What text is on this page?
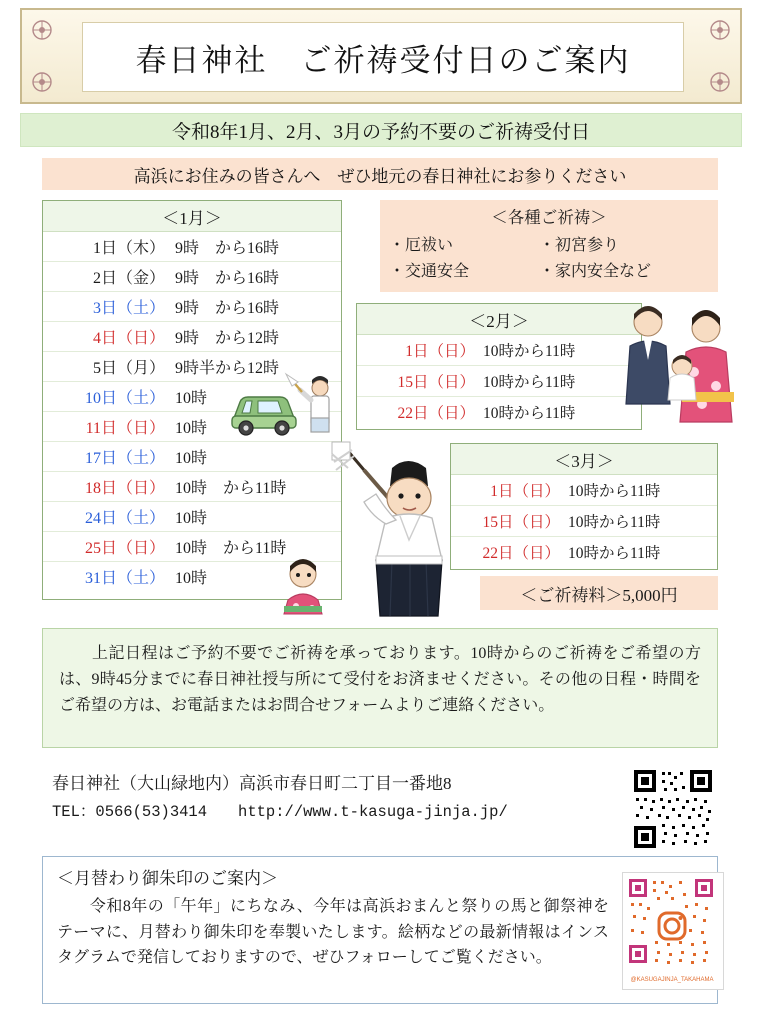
春日神社　ご祈祷受付日のご案内
令和8年1月、2月、3月の予約不要のご祈祷受付日
高浜にお住みの皆さんへ　ぜひ地元の春日神社にお参りください
＜1月＞
1日（木） 9時　から16時
2日（金） 9時　から16時
3日（土） 9時　から16時
4日（日） 9時　から12時
5日（月） 9時半から12時
10日（土） 10時
11日（日） 10時
17日（土） 10時
18日（日） 10時　から11時
24日（土） 10時
25日（日） 10時　から11時
31日（土） 10時
＜各種ご祈祷＞
・厄祓い	・初宮参り
・交通安全	・家内安全など
＜2月＞
1日（日） 10時から11時
15日（日） 10時から11時
22日（日） 10時から11時
＜3月＞
1日（日） 10時から11時
15日（日） 10時から11時
22日（日） 10時から11時
＜ご祈祷料＞5,000円
　　上記日程はご予約不要でご祈祷を承っております。10時からのご祈祷をご希望の方は、9時45分までに春日神社授与所にて受付をお済ませください。その他の日程・時間をご希望の方は、お電話またはお問合せフォームよりご連絡ください。
春日神社（大山緑地内）高浜市春日町二丁目一番地8
TEL：0566(53)3414　　http://www.t-kasuga-jinja.jp/
＜月替わり御朱印のご案内＞
　　令和8年の「午年」にちなみ、今年は高浜おまんと祭りの馬と御祭神をテーマに、月替わり御朱印を奉製いたします。絵柄などの最新情報はインスタグラムで発信しておりますので、ぜひフォローしてご覧ください。
@KASUGAJINJA_TAKAHAMA
